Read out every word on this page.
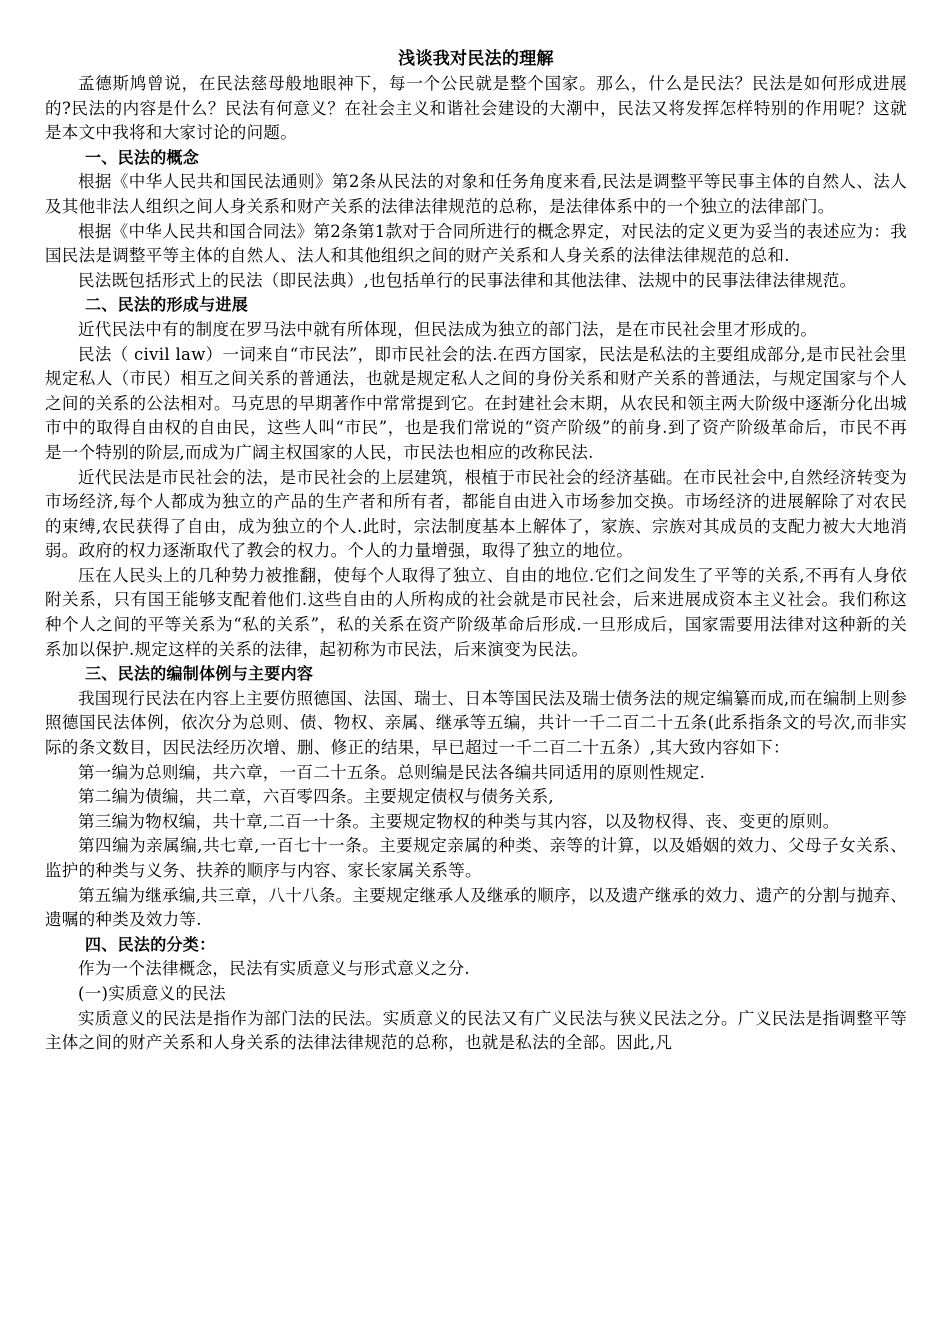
浅谈我对民法的理解

孟德斯鸠曾说，在民法慈母般地眼神下，每一个公民就是整个国家。那么，什么是民法？民法是如何形成进展的?民法的内容是什么？民法有何意义？在社会主义和谐社会建设的大潮中，民法又将发挥怎样特别的作用呢？这就是本文中我将和大家讨论的问题。

一、民法的概念

根据《中华人民共和国民法通则》第2条从民法的对象和任务角度来看,民法是调整平等民事主体的自然人、法人及其他非法人组织之间人身关系和财产关系的法律法律规范的总称，是法律体系中的一个独立的法律部门。

根据《中华人民共和国合同法》第2条第1款对于合同所进行的概念界定，对民法的定义更为妥当的表述应为：我国民法是调整平等主体的自然人、法人和其他组织之间的财产关系和人身关系的法律法律规范的总和.

民法既包括形式上的民法（即民法典）,也包括单行的民事法律和其他法律、法规中的民事法律法律规范。

二、民法的形成与进展

近代民法中有的制度在罗马法中就有所体现，但民法成为独立的部门法，是在市民社会里才形成的。

民法（ civil law）一词来自“市民法”，即市民社会的法.在西方国家，民法是私法的主要组成部分,是市民社会里规定私人（市民）相互之间关系的普通法，也就是规定私人之间的身份关系和财产关系的普通法，与规定国家与个人之间的关系的公法相对。马克思的早期著作中常常提到它。在封建社会末期，从农民和领主两大阶级中逐渐分化出城市中的取得自由权的自由民，这些人叫“市民”，也是我们常说的“资产阶级”的前身.到了资产阶级革命后，市民不再是一个特别的阶层,而成为广阔主权国家的人民，市民法也相应的改称民法.

近代民法是市民社会的法，是市民社会的上层建筑，根植于市民社会的经济基础。在市民社会中,自然经济转变为市场经济,每个人都成为独立的产品的生产者和所有者，都能自由进入市场参加交换。市场经济的进展解除了对农民的束缚,农民获得了自由，成为独立的个人.此时，宗法制度基本上解体了，家族、宗族对其成员的支配力被大大地消弱。政府的权力逐渐取代了教会的权力。个人的力量增强，取得了独立的地位。

压在人民头上的几种势力被推翻，使每个人取得了独立、自由的地位.它们之间发生了平等的关系,不再有人身依附关系，只有国王能够支配着他们.这些自由的人所构成的社会就是市民社会，后来进展成资本主义社会。我们称这种个人之间的平等关系为“私的关系”，私的关系在资产阶级革命后形成.一旦形成后，国家需要用法律对这种新的关系加以保护.规定这样的关系的法律，起初称为市民法，后来演变为民法。

三、民法的编制体例与主要内容

我国现行民法在内容上主要仿照德国、法国、瑞士、日本等国民法及瑞士债务法的规定编纂而成,而在编制上则参照德国民法体例，依次分为总则、债、物权、亲属、继承等五编，共计一千二百二十五条(此系指条文的号次,而非实际的条文数目，因民法经历次增、删、修正的结果，早已超过一千二百二十五条）,其大致内容如下：

第一编为总则编，共六章，一百二十五条。总则编是民法各编共同适用的原则性规定.

第二编为债编，共二章，六百零四条。主要规定债权与债务关系,

第三编为物权编，共十章,二百一十条。主要规定物权的种类与其内容，以及物权得、丧、变更的原则。

第四编为亲属编,共七章,一百七十一条。主要规定亲属的种类、亲等的计算，以及婚姻的效力、父母子女关系、监护的种类与义务、扶养的顺序与内容、家长家属关系等。

第五编为继承编,共三章，八十八条。主要规定继承人及继承的顺序，以及遗产继承的效力、遗产的分割与抛弃、遗嘱的种类及效力等.

四、民法的分类：

作为一个法律概念，民法有实质意义与形式意义之分.

(一)实质意义的民法

实质意义的民法是指作为部门法的民法。实质意义的民法又有广义民法与狭义民法之分。广义民法是指调整平等主体之间的财产关系和人身关系的法律法律规范的总称，也就是私法的全部。因此,凡
